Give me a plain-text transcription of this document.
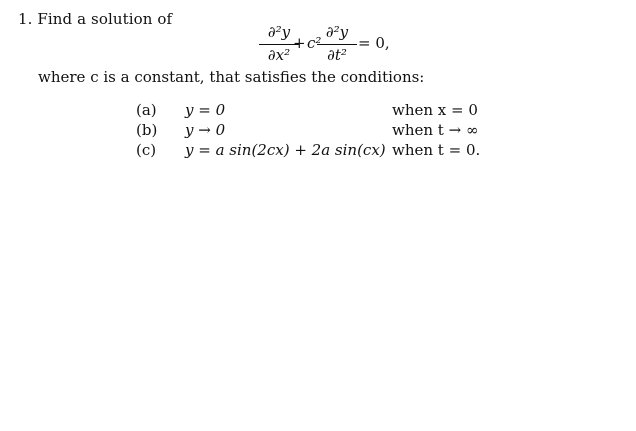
1. Find a solution of
∂²y
∂x²
+ c²
∂²y
∂t²
= 0,
where c is a constant, that satisfies the conditions:
(a) y = 0	when x = 0
(b) y → 0	when t → ∞
(c) y = a sin(2cx) + 2a sin(cx) when t = 0.
